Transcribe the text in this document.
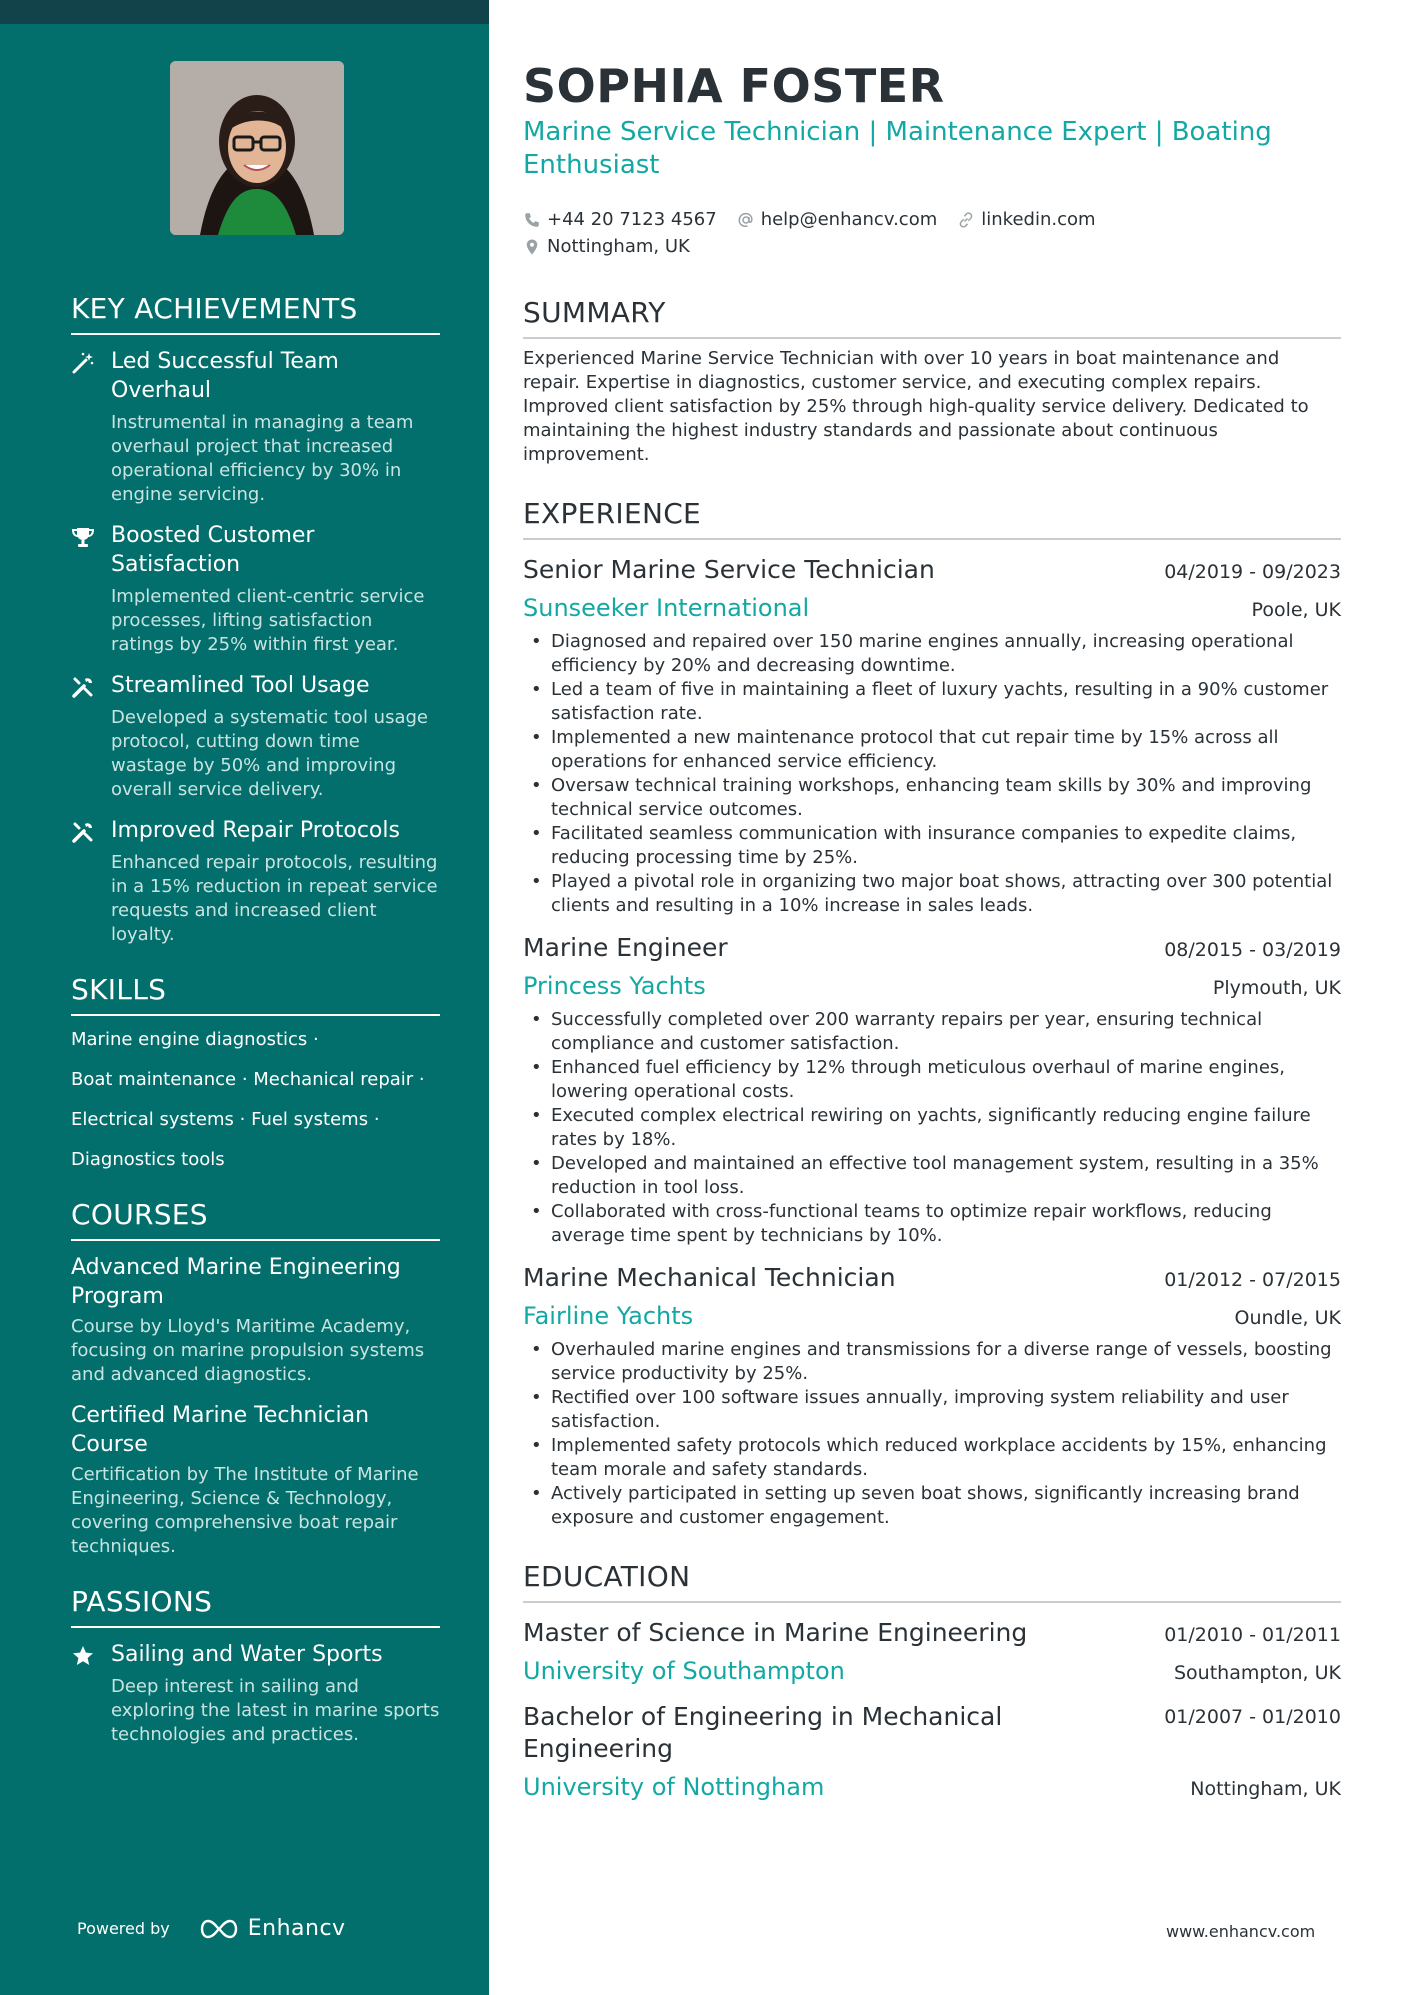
KEY ACHIEVEMENTS
Led Successful Team Overhaul
Instrumental in managing a team overhaul project that increased operational efficiency by 30% in engine servicing.
Boosted Customer Satisfaction
Implemented client-centric service processes, lifting satisfaction ratings by 25% within first year.
Streamlined Tool Usage
Developed a systematic tool usage protocol, cutting down time wastage by 50% and improving overall service delivery.
Improved Repair Protocols
Enhanced repair protocols, resulting in a 15% reduction in repeat service requests and increased client loyalty.
SKILLS
Marine engine diagnostics ·
Boat maintenance · Mechanical repair ·
Electrical systems · Fuel systems ·
Diagnostics tools
COURSES
Advanced Marine Engineering Program
Course by Lloyd's Maritime Academy, focusing on marine propulsion systems and advanced diagnostics.
Certified Marine Technician Course
Certification by The Institute of Marine Engineering, Science & Technology, covering comprehensive boat repair techniques.
PASSIONS
Sailing and Water Sports
Deep interest in sailing and exploring the latest in marine sports technologies and practices.
Powered by	Enhancv
SOPHIA FOSTER
Marine Service Technician | Maintenance Expert | Boating Enthusiast
+44 20 7123 4567 help@enhancv.com linkedin.com
Nottingham, UK
SUMMARY
Experienced Marine Service Technician with over 10 years in boat maintenance and repair. Expertise in diagnostics, customer service, and executing complex repairs. Improved client satisfaction by 25% through high-quality service delivery. Dedicated to maintaining the highest industry standards and passionate about continuous improvement.
EXPERIENCE
Senior Marine Service Technician	04/2019 - 09/2023
Sunseeker International	Poole, UK
• Diagnosed and repaired over 150 marine engines annually, increasing operational efficiency by 20% and decreasing downtime.
• Led a team of five in maintaining a fleet of luxury yachts, resulting in a 90% customer satisfaction rate.
• Implemented a new maintenance protocol that cut repair time by 15% across all operations for enhanced service efficiency.
• Oversaw technical training workshops, enhancing team skills by 30% and improving technical service outcomes.
• Facilitated seamless communication with insurance companies to expedite claims, reducing processing time by 25%.
• Played a pivotal role in organizing two major boat shows, attracting over 300 potential clients and resulting in a 10% increase in sales leads.
Marine Engineer	08/2015 - 03/2019
Princess Yachts	Plymouth, UK
• Successfully completed over 200 warranty repairs per year, ensuring technical compliance and customer satisfaction.
• Enhanced fuel efficiency by 12% through meticulous overhaul of marine engines, lowering operational costs.
• Executed complex electrical rewiring on yachts, significantly reducing engine failure rates by 18%.
• Developed and maintained an effective tool management system, resulting in a 35% reduction in tool loss.
• Collaborated with cross-functional teams to optimize repair workflows, reducing average time spent by technicians by 10%.
Marine Mechanical Technician	01/2012 - 07/2015
Fairline Yachts	Oundle, UK
• Overhauled marine engines and transmissions for a diverse range of vessels, boosting service productivity by 25%.
• Rectified over 100 software issues annually, improving system reliability and user satisfaction.
• Implemented safety protocols which reduced workplace accidents by 15%, enhancing team morale and safety standards.
• Actively participated in setting up seven boat shows, significantly increasing brand exposure and customer engagement.
EDUCATION
Master of Science in Marine Engineering	01/2010 - 01/2011
University of Southampton	Southampton, UK
Bachelor of Engineering in Mechanical Engineering
01/2007 - 01/2010
University of Nottingham	Nottingham, UK
www.enhancv.com
